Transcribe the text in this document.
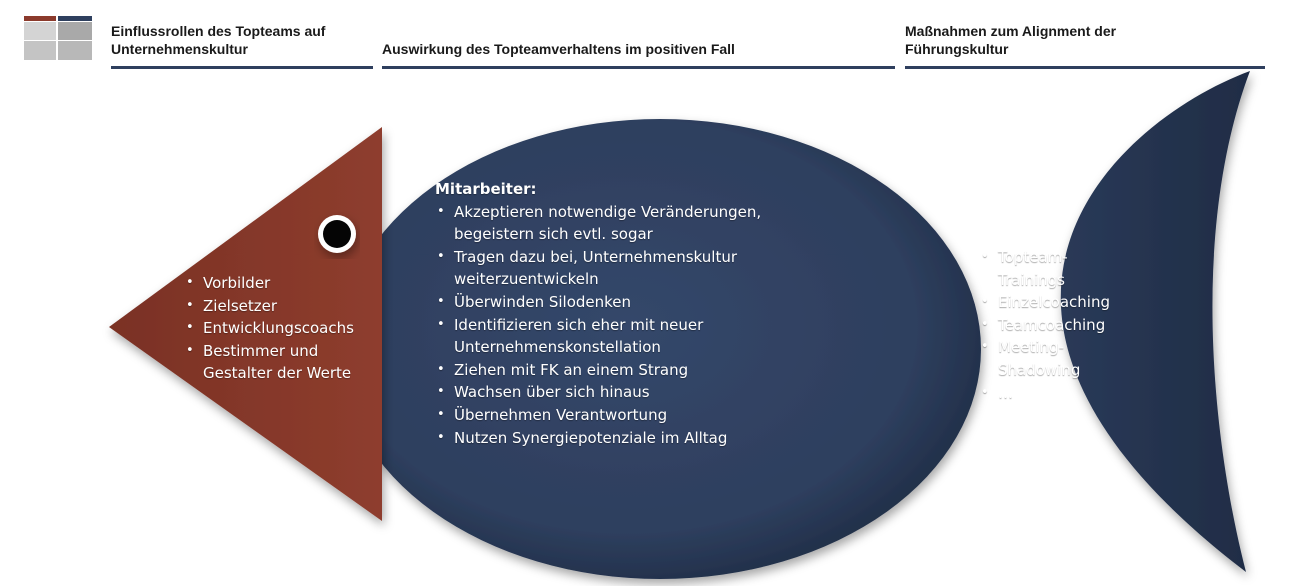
Einflussrollen des Topteams auf Unternehmenskultur	Auswirkung des Topteamverhaltens im positiven Fall
Maßnahmen zum Alignment der Führungskultur
• Vorbilder
• Zielsetzer
• Entwicklungscoachs
• Bestimmer und Gestalter der Werte
Mitarbeiter:
• Akzeptieren notwendige Veränderungen, begeistern sich evtl. sogar
• Tragen dazu bei, Unternehmenskultur weiterzuentwickeln
• Überwinden Silodenken
• Identifizieren sich eher mit neuer Unternehmenskonstellation
• Ziehen mit FK an einem Strang
• Wachsen über sich hinaus
• Übernehmen Verantwortung
• Nutzen Synergiepotenziale im Alltag
• Topteam-Trainings
• Einzelcoaching
• Teamcoaching
• Meeting-Shadowing
• …
